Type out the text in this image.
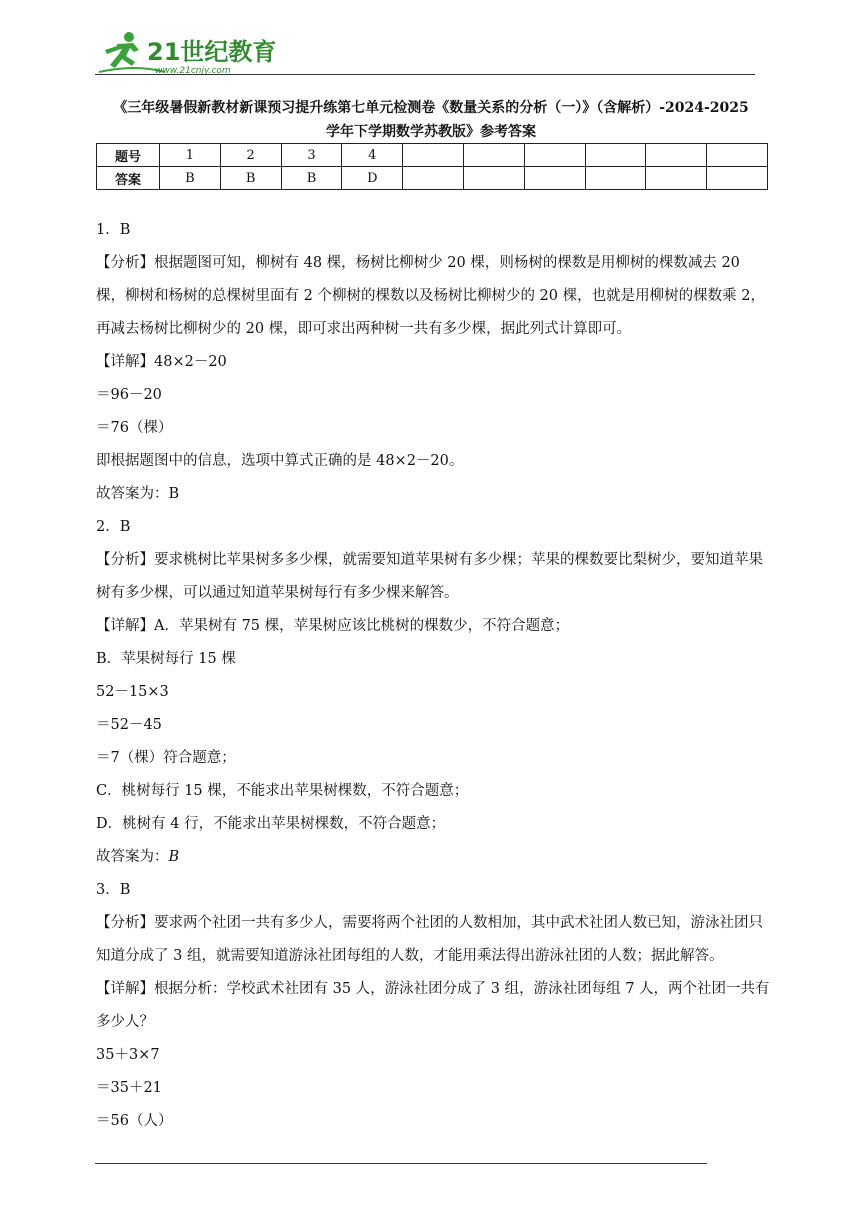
21世纪教育
www.21cnjy.com
《三年级暑假新教材新课预习提升练第七单元检测卷《数量关系的分析（一）》（含解析）-2024-2025
学年下学期数学苏教版》参考答案
题号	1	2	3	4						
答案	B	B	B	D						
1．B
【分析】根据题图可知，柳树有 48 棵，杨树比柳树少 20 棵，则杨树的棵数是用柳树的棵数减去 20 棵，柳树和杨树的总棵树里面有 2 个柳树的棵数以及杨树比柳树少的 20 棵，也就是用柳树的棵数乘 2，再减去杨树比柳树少的 20 棵，即可求出两种树一共有多少棵，据此列式计算即可。
【详解】48×2－20
＝96－20
＝76（棵）
即根据题图中的信息，选项中算式正确的是 48×2－20。
故答案为：B
2．B
【分析】要求桃树比苹果树多多少棵，就需要知道苹果树有多少棵；苹果的棵数要比梨树少，要知道苹果树有多少棵，可以通过知道苹果树每行有多少棵来解答。
【详解】A．苹果树有 75 棵，苹果树应该比桃树的棵数少，不符合题意；
B．苹果树每行 15 棵
52－15×3
＝52－45
＝7（棵）符合题意；
C．桃树每行 15 棵，不能求出苹果树棵数，不符合题意；
D．桃树有 4 行，不能求出苹果树棵数，不符合题意；
故答案为：B
3．B
【分析】要求两个社团一共有多少人，需要将两个社团的人数相加，其中武术社团人数已知，游泳社团只知道分成了 3 组，就需要知道游泳社团每组的人数，才能用乘法得出游泳社团的人数；据此解答。
【详解】根据分析：学校武术社团有 35 人，游泳社团分成了 3 组，游泳社团每组 7 人，两个社团一共有多少人？
35＋3×7
＝35＋21
＝56（人）
